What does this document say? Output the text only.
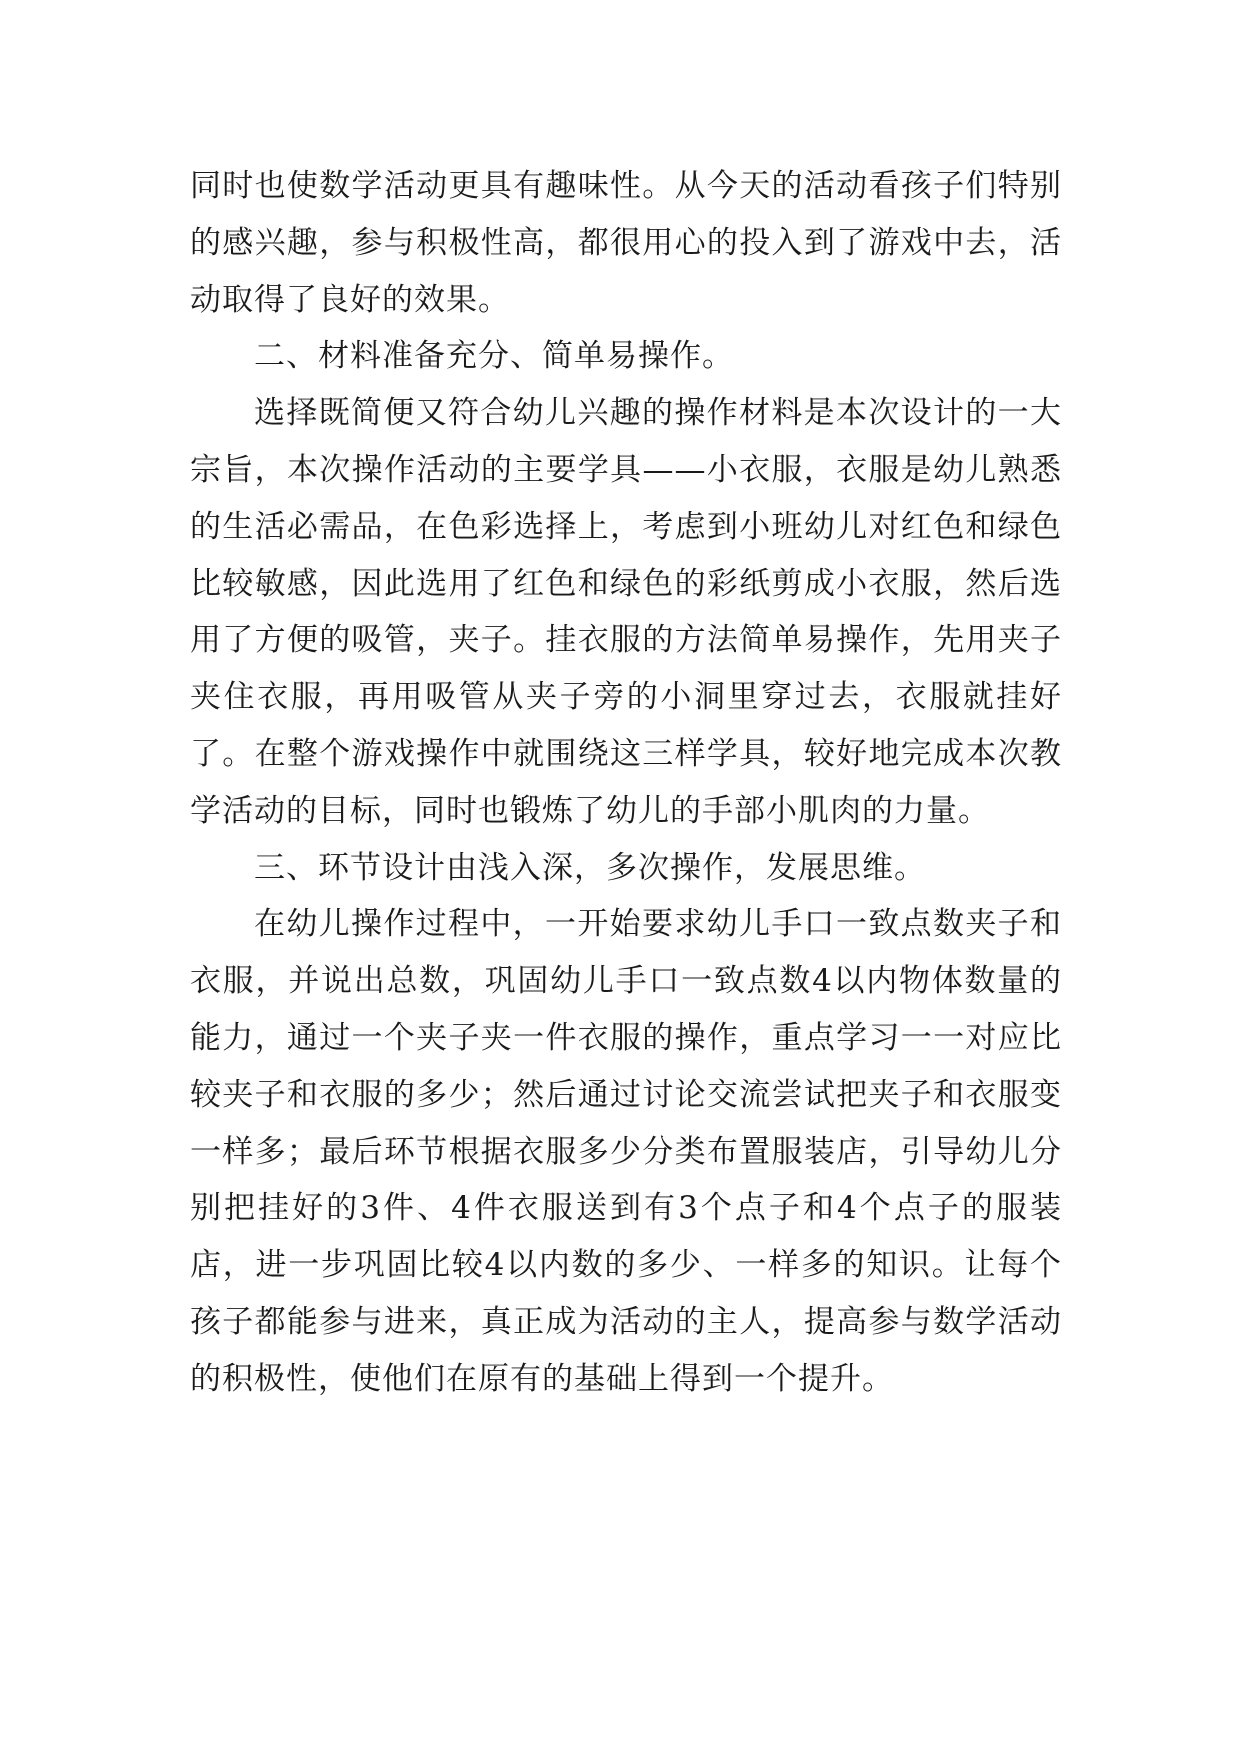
同时也使数学活动更具有趣味性。从今天的活动看孩子们特别的感兴趣，参与积极性高，都很用心的投入到了游戏中去，活动取得了良好的效果。

二、材料准备充分、简单易操作。

选择既简便又符合幼儿兴趣的操作材料是本次设计的一大宗旨，本次操作活动的主要学具——小衣服，衣服是幼儿熟悉的生活必需品，在色彩选择上，考虑到小班幼儿对红色和绿色比较敏感，因此选用了红色和绿色的彩纸剪成小衣服，然后选用了方便的吸管，夹子。挂衣服的方法简单易操作，先用夹子夹住衣服，再用吸管从夹子旁的小洞里穿过去，衣服就挂好了。在整个游戏操作中就围绕这三样学具，较好地完成本次教学活动的目标，同时也锻炼了幼儿的手部小肌肉的力量。

三、环节设计由浅入深，多次操作，发展思维。

在幼儿操作过程中，一开始要求幼儿手口一致点数夹子和衣服，并说出总数，巩固幼儿手口一致点数4以内物体数量的能力，通过一个夹子夹一件衣服的操作，重点学习一一对应比较夹子和衣服的多少；然后通过讨论交流尝试把夹子和衣服变一样多；最后环节根据衣服多少分类布置服装店，引导幼儿分别把挂好的3件、4件衣服送到有3个点子和4个点子的服装店，进一步巩固比较4以内数的多少、一样多的知识。让每个孩子都能参与进来，真正成为活动的主人，提高参与数学活动的积极性，使他们在原有的基础上得到一个提升。
